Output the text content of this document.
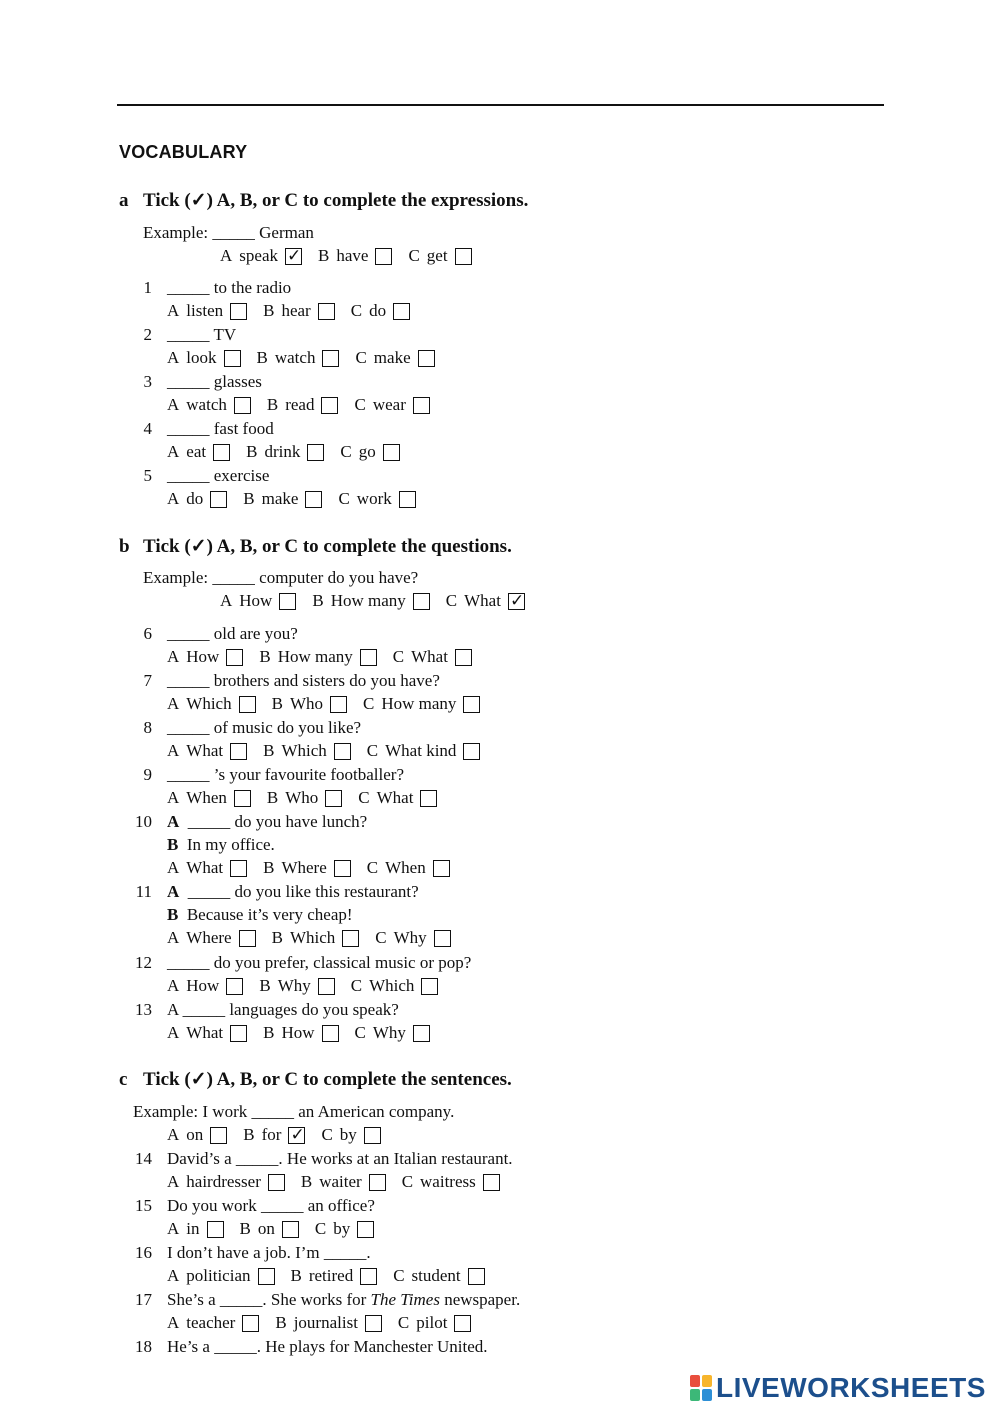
VOCABULARY
a Tick (✓) A, B, or C to complete the expressions.
Example: _____ German
A speak ✓ B have C get
1 _____ to the radio
A listen B hear C do
2 _____ TV
A look B watch C make
3 _____ glasses
A watch B read C wear
4 _____ fast food
A eat B drink C go
5 _____ exercise
A do B make C work
b Tick (✓) A, B, or C to complete the questions.
Example: _____ computer do you have?
A How B How many C What
✓
6 _____ old are you?
A How B How many C What
7 _____ brothers and sisters do you have?
A Which B Who C How many
8 _____ of music do you like?
A What B Which C What kind
9 _____ ’s your favourite footballer?
A When B Who C What
10 A _____ do you have lunch?
B In my office.
A What B Where C When
11 A _____ do you like this restaurant?
B Because it’s very cheap!
A Where B Which C Why
12 _____ do you prefer, classical music or pop?
A How B Why C Which
13 A _____ languages do you speak?
A What B How C Why
c Tick (✓) A, B, or C to complete the sentences.
Example: I work _____ an American company.
A on B for ✓ C by
14 David’s a _____. He works at an Italian restaurant.
A hairdresser B waiter C waitress
15 Do you work _____ an office?
A in B on C by
16 I don’t have a job. I’m _____.
A politician B retired C student
17 She’s a _____. She works for The Times newspaper.
A teacher B journalist C pilot
18 He’s a _____. He plays for Manchester United.
LIVEWORKSHEETS
